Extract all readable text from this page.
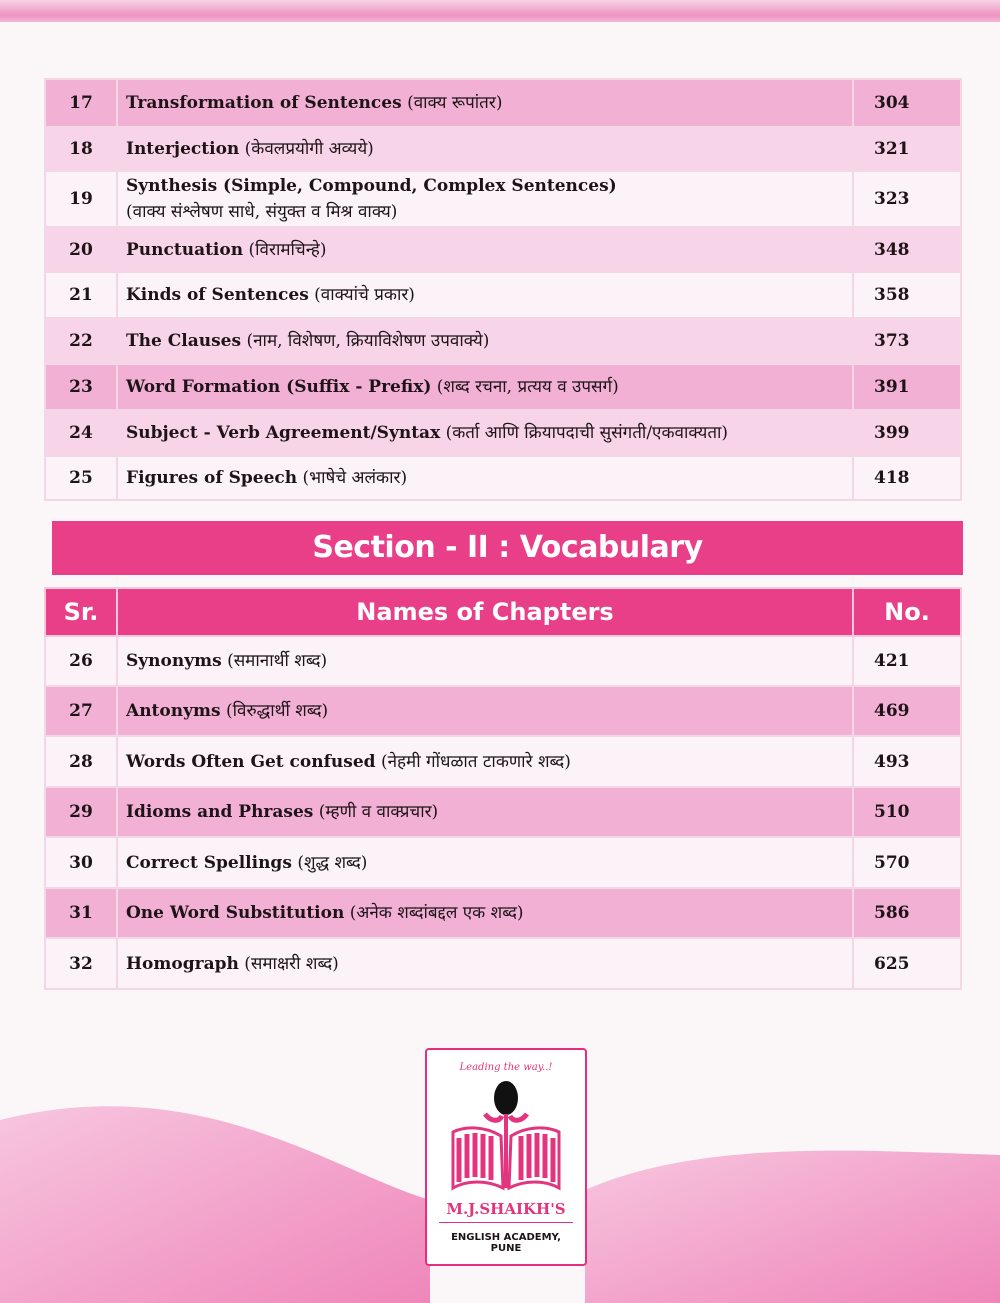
17	Transformation of Sentences (वाक्य रूपांतर)	304
18	Interjection (केवलप्रयोगी अव्यये)	321
19	Synthesis (Simple, Compound, Complex Sentences)
(वाक्य संश्लेषण साधे, संयुक्त व मिश्र वाक्य)	323
20	Punctuation (विरामचिन्हे)	348
21	Kinds of Sentences (वाक्यांचे प्रकार)	358
22	The Clauses (नाम, विशेषण, क्रियाविशेषण उपवाक्ये)	373
23	Word Formation (Suffix - Prefix) (शब्द रचना, प्रत्यय व उपसर्ग)	391
24	Subject - Verb Agreement/Syntax (कर्ता आणि क्रियापदाची सुसंगती/एकवाक्यता)	399
25	Figures of Speech (भाषेचे अलंकार)	418
Section - II : Vocabulary
Sr.	Names of Chapters	No.
26	Synonyms (समानार्थी शब्द)	421
27	Antonyms (विरुद्धार्थी शब्द)	469
28	Words Often Get confused (नेहमी गोंधळात टाकणारे शब्द)	493
29	Idioms and Phrases (म्हणी व वाक्प्रचार)	510
30	Correct Spellings (शुद्ध शब्द)	570
31	One Word Substitution (अनेक शब्दांबद्दल एक शब्द)	586
32	Homograph (समाक्षरी शब्द)	625
Leading the way..!
M.J.SHAIKH'S
ENGLISH ACADEMY, PUNE
